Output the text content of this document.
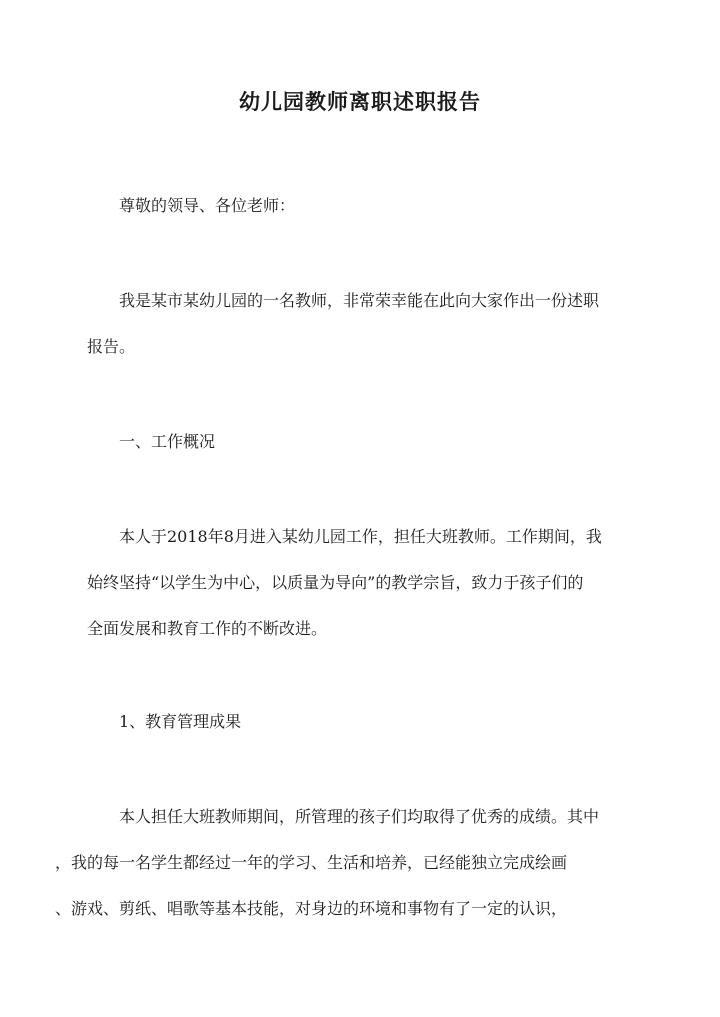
幼儿园教师离职述职报告

尊敬的领导、各位老师：

我是某市某幼儿园的一名教师，非常荣幸能在此向大家作出一份述职
报告。

一、工作概况

本人于2018年8月进入某幼儿园工作，担任大班教师。工作期间，我
始终坚持“以学生为中心，以质量为导向”的教学宗旨，致力于孩子们的
全面发展和教育工作的不断改进。

1、教育管理成果

本人担任大班教师期间，所管理的孩子们均取得了优秀的成绩。其中
，我的每一名学生都经过一年的学习、生活和培养，已经能独立完成绘画
、游戏、剪纸、唱歌等基本技能，对身边的环境和事物有了一定的认识，
